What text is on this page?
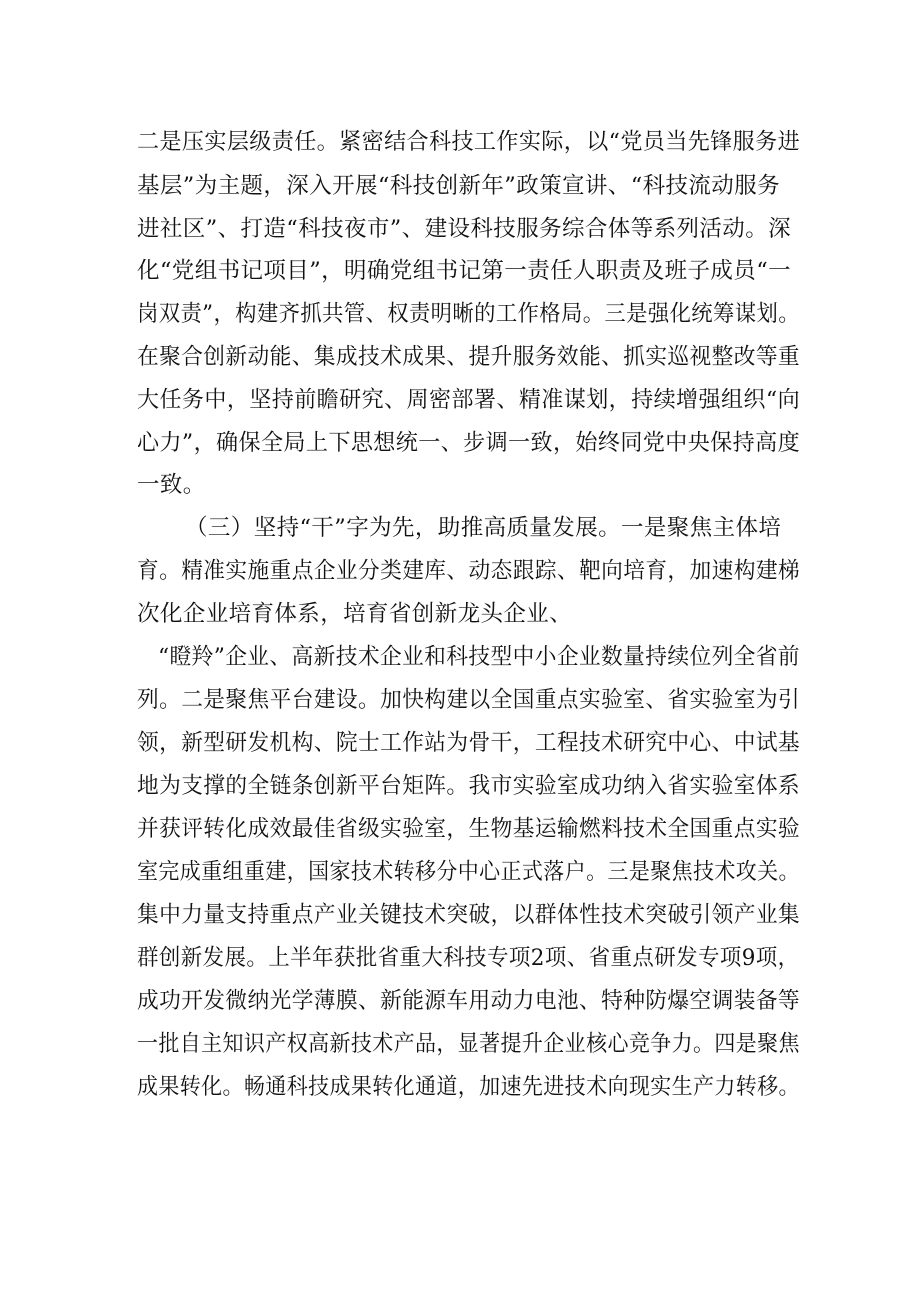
二是压实层级责任。紧密结合科技工作实际，以“党员当先锋服务进
基层”为主题，深入开展“科技创新年”政策宣讲、“科技流动服务
进社区”、打造“科技夜市”、建设科技服务综合体等系列活动。深
化“党组书记项目”，明确党组书记第一责任人职责及班子成员“一
岗双责”，构建齐抓共管、权责明晰的工作格局。三是强化统筹谋划。
在聚合创新动能、集成技术成果、提升服务效能、抓实巡视整改等重
大任务中，坚持前瞻研究、周密部署、精准谋划，持续增强组织“向
心力”，确保全局上下思想统一、步调一致，始终同党中央保持高度
一致。
（三）坚持“干”字为先，助推高质量发展。一是聚焦主体培
育。精准实施重点企业分类建库、动态跟踪、靶向培育，加速构建梯
次化企业培育体系，培育省创新龙头企业、
“瞪羚”企业、高新技术企业和科技型中小企业数量持续位列全省前
列。二是聚焦平台建设。加快构建以全国重点实验室、省实验室为引
领，新型研发机构、院士工作站为骨干，工程技术研究中心、中试基
地为支撑的全链条创新平台矩阵。我市实验室成功纳入省实验室体系
并获评转化成效最佳省级实验室，生物基运输燃料技术全国重点实验
室完成重组重建，国家技术转移分中心正式落户。三是聚焦技术攻关。
集中力量支持重点产业关键技术突破，以群体性技术突破引领产业集
群创新发展。上半年获批省重大科技专项2项、省重点研发专项9项，
成功开发微纳光学薄膜、新能源车用动力电池、特种防爆空调装备等
一批自主知识产权高新技术产品，显著提升企业核心竞争力。四是聚焦
成果转化。畅通科技成果转化通道，加速先进技术向现实生产力转移。
